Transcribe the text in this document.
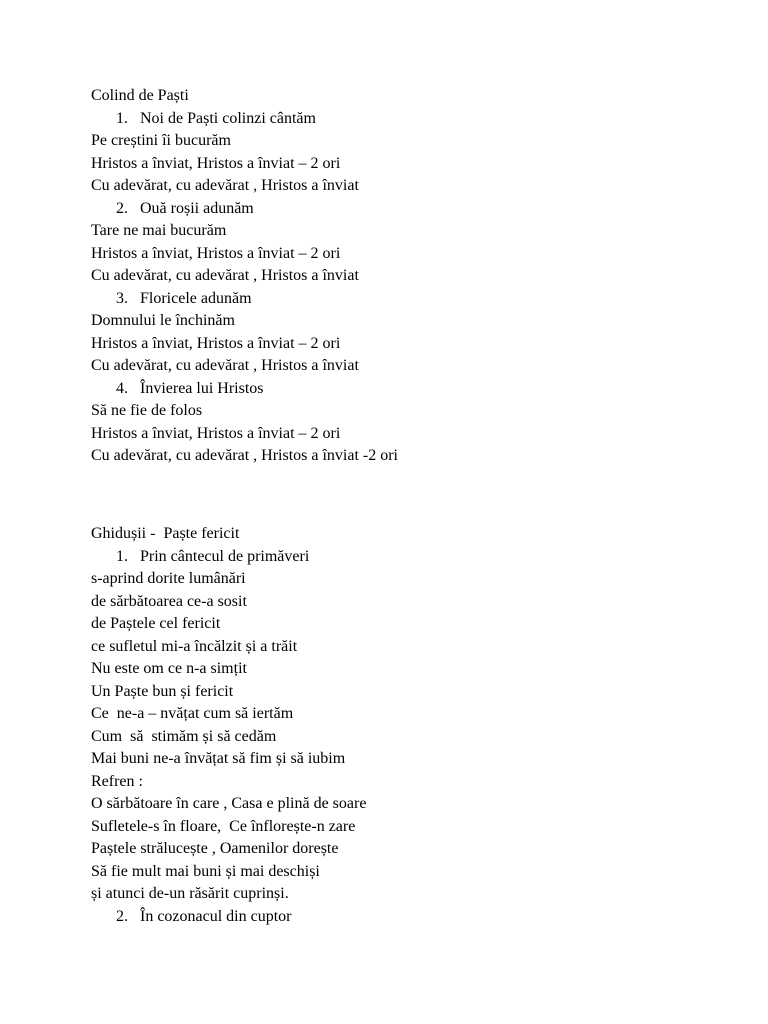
Colind de Paști
1. Noi de Paști colinzi cântăm
Pe creștini îi bucurăm
Hristos a înviat, Hristos a înviat – 2 ori
Cu adevărat, cu adevărat , Hristos a înviat
2. Ouă roșii adunăm
Tare ne mai bucurăm
Hristos a înviat, Hristos a înviat – 2 ori
Cu adevărat, cu adevărat , Hristos a înviat
3. Floricele adunăm
Domnului le închinăm
Hristos a înviat, Hristos a înviat – 2 ori
Cu adevărat, cu adevărat , Hristos a înviat
4. Învierea lui Hristos
Să ne fie de folos
Hristos a înviat, Hristos a înviat – 2 ori
Cu adevărat, cu adevărat , Hristos a înviat -2 ori
Ghidușii -  Paște fericit
1. Prin cântecul de primăveri
s-aprind dorite lumânări
de sărbătoarea ce-a sosit
de Paștele cel fericit
ce sufletul mi-a încălzit și a trăit
Nu este om ce n-a simțit
Un Paște bun și fericit
Ce  ne-a – nvățat cum să iertăm
Cum  să  stimăm și să cedăm
Mai buni ne-a învățat să fim și să iubim
Refren :
O sărbătoare în care , Casa e plină de soare
Sufletele-s în floare,  Ce înflorește-n zare
Paștele strălucește , Oamenilor dorește
Să fie mult mai buni și mai deschiși
și atunci de-un răsărit cuprinși.
2. În cozonacul din cuptor
